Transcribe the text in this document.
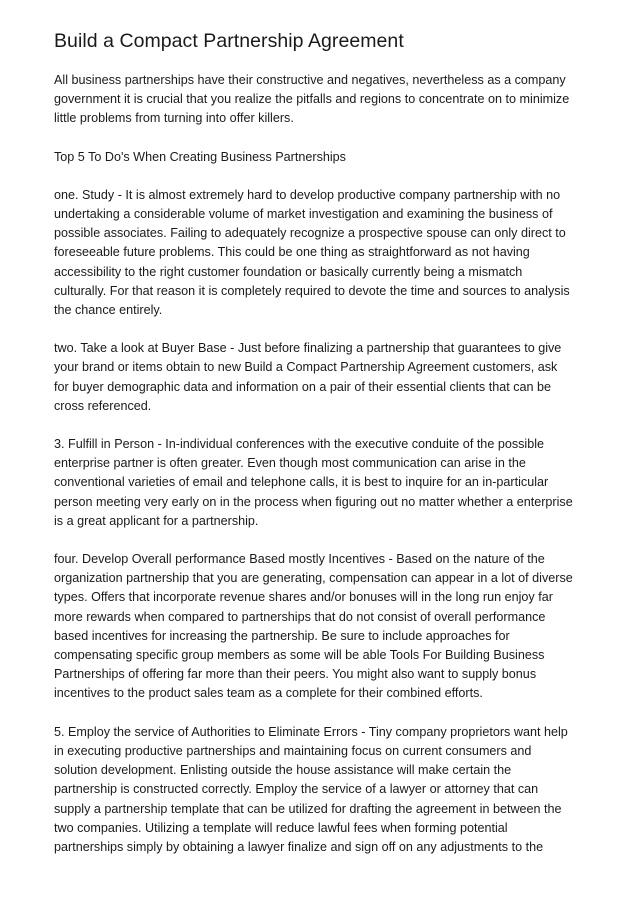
Build a Compact Partnership Agreement
All business partnerships have their constructive and negatives, nevertheless as a company
government it is crucial that you realize the pitfalls and regions to concentrate on to minimize
little problems from turning into offer killers.
Top 5 To Do's When Creating Business Partnerships
one. Study - It is almost extremely hard to develop productive company partnership with no
undertaking a considerable volume of market investigation and examining the business of
possible associates. Failing to adequately recognize a prospective spouse can only direct to
foreseeable future problems. This could be one thing as straightforward as not having
accessibility to the right customer foundation or basically currently being a mismatch
culturally. For that reason it is completely required to devote the time and sources to analysis
the chance entirely.
two. Take a look at Buyer Base - Just before finalizing a partnership that guarantees to give
your brand or items obtain to new Build a Compact Partnership Agreement customers, ask
for buyer demographic data and information on a pair of their essential clients that can be
cross referenced.
3. Fulfill in Person - In-individual conferences with the executive conduite of the possible
enterprise partner is often greater. Even though most communication can arise in the
conventional varieties of email and telephone calls, it is best to inquire for an in-particular
person meeting very early on in the process when figuring out no matter whether a enterprise
is a great applicant for a partnership.
four. Develop Overall performance Based mostly Incentives - Based on the nature of the
organization partnership that you are generating, compensation can appear in a lot of diverse
types. Offers that incorporate revenue shares and/or bonuses will in the long run enjoy far
more rewards when compared to partnerships that do not consist of overall performance
based incentives for increasing the partnership. Be sure to include approaches for
compensating specific group members as some will be able Tools For Building Business
Partnerships of offering far more than their peers. You might also want to supply bonus
incentives to the product sales team as a complete for their combined efforts.
5. Employ the service of Authorities to Eliminate Errors - Tiny company proprietors want help
in executing productive partnerships and maintaining focus on current consumers and
solution development. Enlisting outside the house assistance will make certain the
partnership is constructed correctly. Employ the service of a lawyer or attorney that can
supply a partnership template that can be utilized for drafting the agreement in between the
two companies. Utilizing a template will reduce lawful fees when forming potential
partnerships simply by obtaining a lawyer finalize and sign off on any adjustments to the
